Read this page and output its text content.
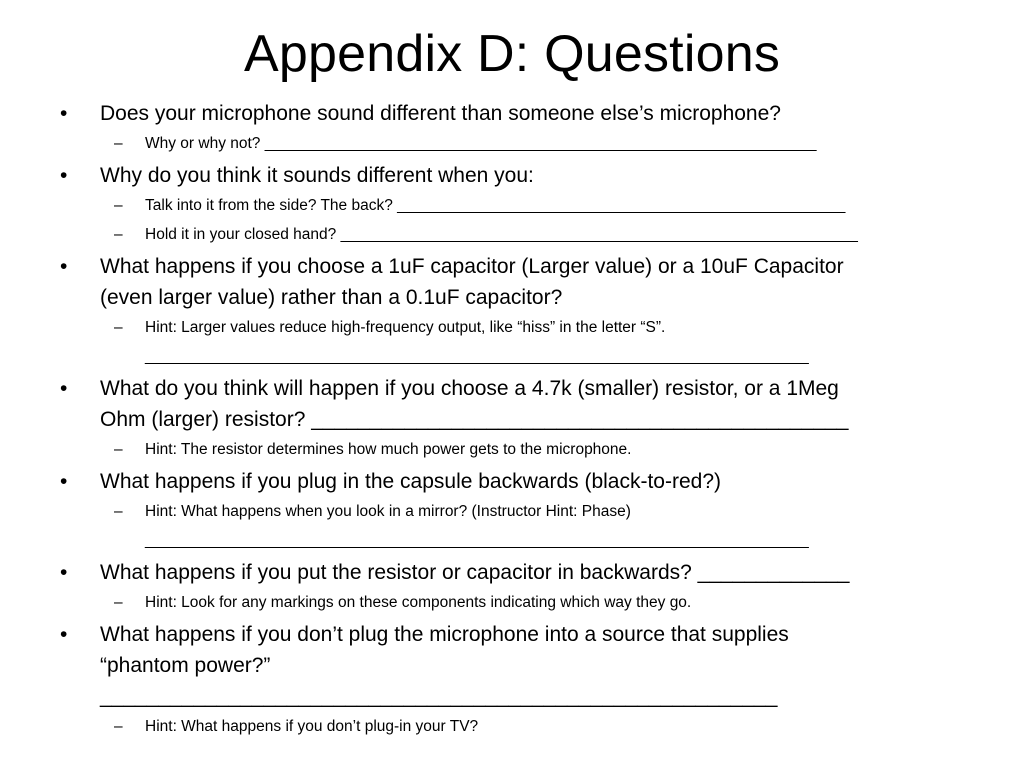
Appendix D: Questions
• Does your microphone sound different than someone else’s microphone?
– Why or why not? ________________________________________________________________
• Why do you think it sounds different when you:
– Talk into it from the side? The back? ____________________________________________________
– Hold it in your closed hand? ____________________________________________________________
• What happens if you choose a 1uF capacitor (Larger value) or a 10uF Capacitor
(even larger value) rather than a 0.1uF capacitor?
– Hint: Larger values reduce high-frequency output, like “hiss” in the letter “S”.
_____________________________________________________________________________
• What do you think will happen if you choose a 4.7k (smaller) resistor, or a 1Meg
Ohm (larger) resistor? ______________________________________________
– Hint: The resistor determines how much power gets to the microphone.
• What happens if you plug in the capsule backwards (black-to-red?)
– Hint: What happens when you look in a mirror? (Instructor Hint: Phase)
_____________________________________________________________________________
• What happens if you put the resistor or capacitor in backwards? _____________
– Hint: Look for any markings on these components indicating which way they go.
• What happens if you don’t plug the microphone into a source that supplies
“phantom power?”
__________________________________________________________
– Hint: What happens if you don’t plug-in your TV?
